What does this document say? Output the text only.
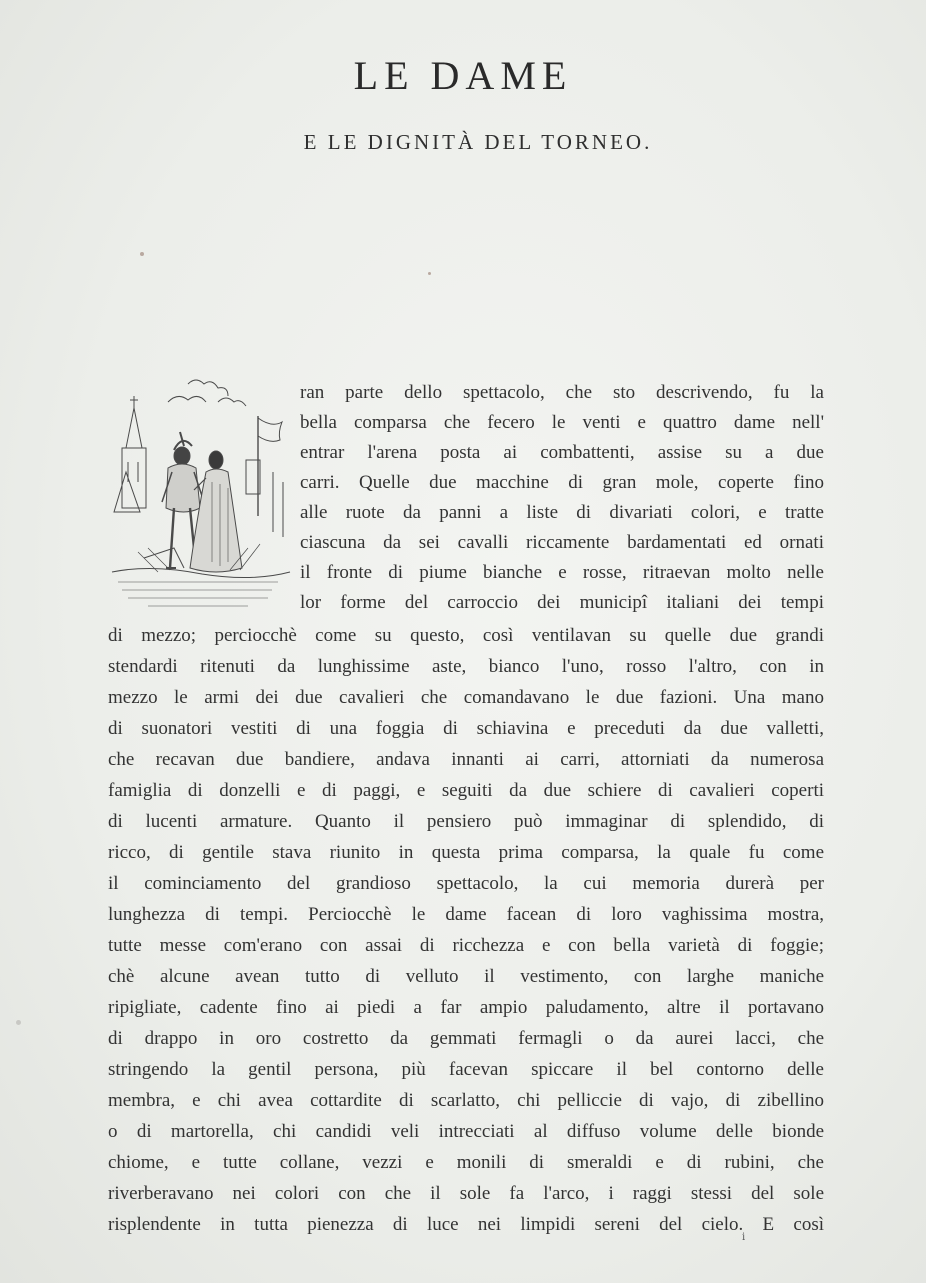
LE DAME
E LE DIGNITÀ DEL TORNEO.
ran parte dello spettacolo, che sto descrivendo, fu la
bella comparsa che fecero le venti e quattro dame nell'
entrar l'arena posta ai combattenti, assise su a due
carri. Quelle due macchine di gran mole, coperte fino
alle ruote da panni a liste di divariati colori, e tratte
ciascuna da sei cavalli riccamente bardamentati ed ornati
il fronte di piume bianche e rosse, ritraevan molto nelle
lor forme del carroccio dei municipî italiani dei tempi
di mezzo; perciocchè come su questo, così ventilavan su quelle due grandi
stendardi ritenuti da lunghissime aste, bianco l'uno, rosso l'altro, con in
mezzo le armi dei due cavalieri che comandavano le due fazioni. Una mano
di suonatori vestiti di una foggia di schiavina e preceduti da due valletti,
che recavan due bandiere, andava innanti ai carri, attorniati da numerosa
famiglia di donzelli e di paggi, e seguiti da due schiere di cavalieri coperti
di lucenti armature. Quanto il pensiero può immaginar di splendido, di
ricco, di gentile stava riunito in questa prima comparsa, la quale fu come
il cominciamento del grandioso spettacolo, la cui memoria durerà per
lunghezza di tempi. Perciocchè le dame facean di loro vaghissima mostra,
tutte messe com'erano con assai di ricchezza e con bella varietà di foggie;
chè alcune avean tutto di velluto il vestimento, con larghe maniche
ripigliate, cadente fino ai piedi a far ampio paludamento, altre il portavano
di drappo in oro costretto da gemmati fermagli o da aurei lacci, che
stringendo la gentil persona, più facevan spiccare il bel contorno delle
membra, e chi avea cottardite di scarlatto, chi pelliccie di vajo, di zibellino
o di martorella, chi candidi veli intrecciati al diffuso volume delle bionde
chiome, e tutte collane, vezzi e monili di smeraldi e di rubini, che
riverberavano nei colori con che il sole fa l'arco, i raggi stessi del sole
risplendente in tutta pienezza di luce nei limpidi sereni del cielo. E così
i
